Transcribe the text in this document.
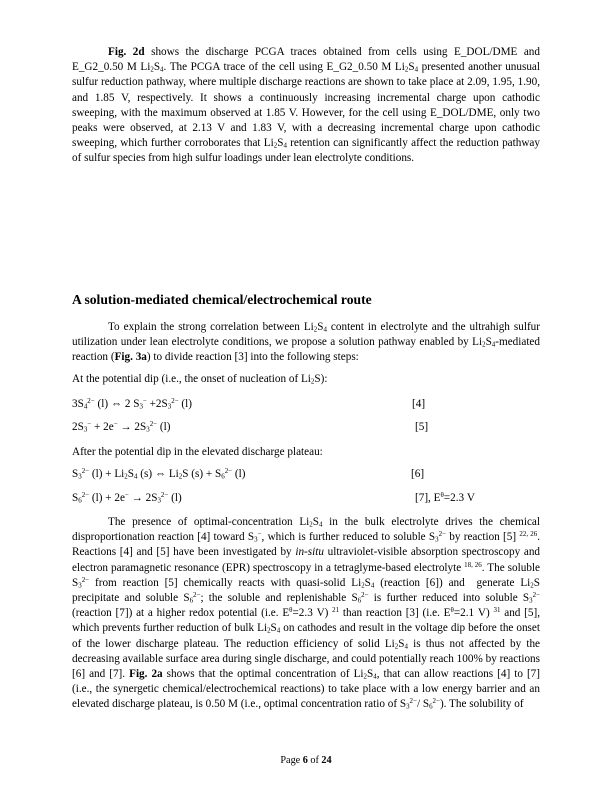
Fig. 2d shows the discharge PCGA traces obtained from cells using E_DOL/DME and E_G2_0.50 M $Li_2S_4$. The PCGA trace of the cell using E_G2_0.50 M $Li_2S_4$ presented another unusual sulfur reduction pathway, where multiple discharge reactions are shown to take place at 2.09, 1.95, 1.90, and 1.85 V, respectively. It shows a continuously increasing incremental charge upon cathodic sweeping, with the maximum observed at 1.85 V. However, for the cell using E_DOL/DME, only two peaks were observed, at 2.13 V and 1.83 V, with a decreasing incremental charge upon cathodic sweeping, which further corroborates that $Li_2S_4$ retention can significantly affect the reduction pathway of sulfur species from high sulfur loadings under lean electrolyte conditions.
A solution-mediated chemical/electrochemical route
To explain the strong correlation between $Li_2S_4$ content in electrolyte and the ultrahigh sulfur utilization under lean electrolyte conditions, we propose a solution pathway enabled by $Li_2S_4$-mediated reaction (Fig. 3a) to divide reaction [3] into the following steps:
At the potential dip (i.e., the onset of nucleation of $Li_2S$):
$3S_4^{2-}$ (l) ⇔ 2 $S_3^- +2S_3^{2-}$ (l)	[4]
$2S_3^- + 2e^- \to 2S_3^{2-}$ (l)	[5]
After the potential dip in the elevated discharge plateau:
$S_3^{2-}$ $(l) + Li_2S_4$ (s) ⇔ $Li_2S$ $(s) + S_6^{2-}$ (l)	[6]
$S_6^{2-}$ $(l) + 2e^- \to 2S_3^{2-}$ (l)	[7], $E^\theta=2.3$ V
The presence of optimal-concentration $Li_2S_4$ in the bulk electrolyte drives the chemical disproportionation reaction [4] toward $S_3^-$, which is further reduced to soluble $S_3^{2-}$ by reaction [5] $^{22, 26}$. Reactions [4] and [5] have been investigated by in-situ ultraviolet-visible absorption spectroscopy and electron paramagnetic resonance (EPR) spectroscopy in a tetraglyme-based electrolyte $^{18, 26}$. The soluble $S_3^{2-}$ from reaction [5] chemically reacts with quasi-solid $Li_2S_4$ (reaction [6]) and  generate $Li_2S$ precipitate and soluble $S_6^{2-}$; the soluble and replenishable $S_6^{2-}$ is further reduced into soluble $S_3^{2-}$ (reaction [7]) at a higher redox potential (i.e. $E^\theta=2.3$ V) $^{21}$ than reaction [3] (i.e. $E^\theta=2.1$ V) $^{31}$ and [5], which prevents further reduction of bulk $Li_2S_4$ on cathodes and result in the voltage dip before the onset of the lower discharge plateau. The reduction efficiency of solid $Li_2S_4$ is thus not affected by the decreasing available surface area during single discharge, and could potentially reach 100% by reactions [6] and [7]. Fig. 2a shows that the optimal concentration of $Li_2S_4$, that can allow reactions [4] to [7] (i.e., the synergetic chemical/electrochemical reactions) to take place with a low energy barrier and an elevated discharge plateau, is 0.50 M (i.e., optimal concentration ratio of $S_3^{2-}/$ $S_6^{2-}$). The solubility of
Page 6 of 24
